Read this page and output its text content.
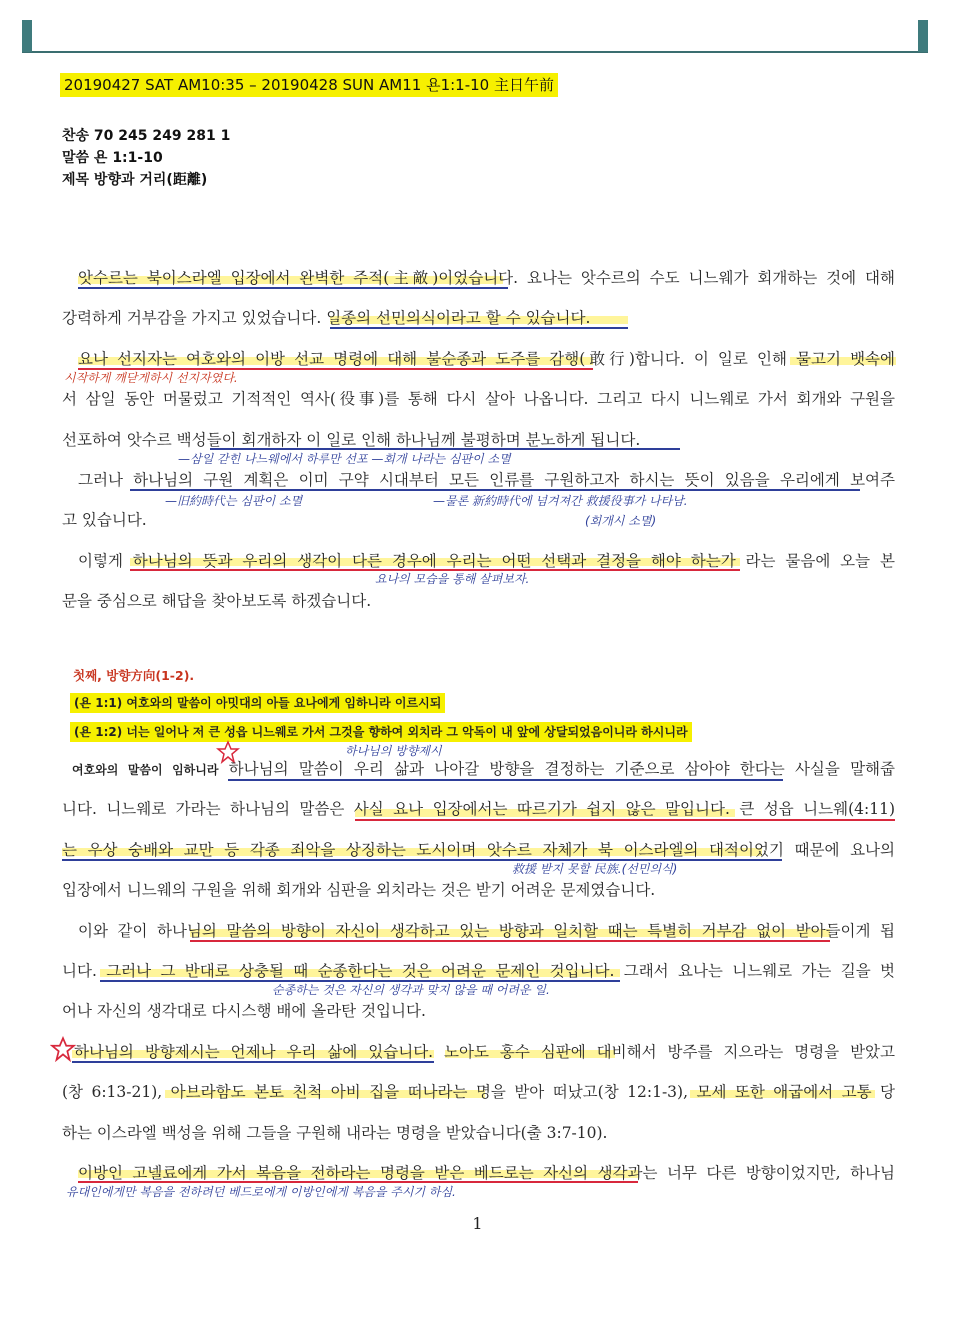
20190427 SAT AM10:35 – 20190428 SUN AM11 욘1:1-10 主日午前
찬송 70 245 249 281 1
말씀 욘 1:1-10
제목 방향과 거리(距離)
앗수르는 북이스라엘 입장에서 완벽한 주적(主敵)이었습니다. 요나는 앗수르의 수도 니느웨가 회개하는 것에 대해
강력하게 거부감을 가지고 있었습니다. 일종의 선민의식이라고 할 수 있습니다.
요나 선지자는 여호와의 이방 선교 명령에 대해 불순종과 도주를 감행(敢行)합니다. 이 일로 인해 물고기 뱃속에
시작하게 깨닫게하시 선지자였다.
서 삼일 동안 머물렀고 기적적인 역사(役事)를 통해 다시 살아 나옵니다. 그리고 다시 니느웨로 가서 회개와 구원을
선포하여 앗수르 백성들이 회개하자 이 일로 인해 하나님께 불평하며 분노하게 됩니다.
—삼일 갇힌 나느웨에서 하루만 선포 —회개 나라는 심판이 소멸
그러나 하나님의 구원 계획은 이미 구약 시대부터 모든 인류를 구원하고자 하시는 뜻이 있음을 우리에게 보여주
—旧約時代는 심판이 소멸	—물론 新約時代에 넘겨져간 救援役事가 나타남.
고 있습니다.	(회개시 소멸)
이렇게 하나님의 뜻과 우리의 생각이 다른 경우에 우리는 어떤 선택과 결정을 해야 하는가 라는 물음에 오늘 본
요나의 모습을 통해 살펴보자.
문을 중심으로 해답을 찾아보도록 하겠습니다.
첫째, 방향方向(1-2).
(욘 1:1) 여호와의 말씀이 아밋대의 아들 요나에게 임하니라 이르시되
(욘 1:2) 너는 일어나 저 큰 성읍 니느웨로 가서 그것을 향하여 외치라 그 악독이 내 앞에 상달되었음이니라 하시니라
하나님의 방향제시
여호와의 말씀이 임하니라 하나님의 말씀이 우리 삶과 나아갈 방향을 결정하는 기준으로 삼아야 한다는 사실을 말해줍
니다. 니느웨로 가라는 하나님의 말씀은 사실 요나 입장에서는 따르기가 쉽지 않은 말입니다. 큰 성읍 니느웨(4:11)
는 우상 숭배와 교만 등 각종 죄악을 상징하는 도시이며 앗수르 자체가 북 이스라엘의 대적이었기 때문에 요나의
救援 받지 못할 民族.(선민의식)
입장에서 니느웨의 구원을 위해 회개와 심판을 외치라는 것은 받기 어려운 문제였습니다.
이와 같이 하나님의 말씀의 방향이 자신이 생각하고 있는 방향과 일치할 때는 특별히 거부감 없이 받아들이게 됩
니다. 그러나 그 반대로 상충될 때 순종한다는 것은 어려운 문제인 것입니다. 그래서 요나는 니느웨로 가는 길을 벗
순종하는 것은 자신의 생각과 맞지 않을 때 어려운 일.
어나 자신의 생각대로 다시스행 배에 올라탄 것입니다.
하나님의 방향제시는 언제나 우리 삶에 있습니다. 노아도 홍수 심판에 대비해서 방주를 지으라는 명령을 받았고
(창 6:13-21), 아브라함도 본토 친척 아비 집을 떠나라는 명을 받아 떠났고(창 12:1-3), 모세 또한 애굽에서 고통 당
하는 이스라엘 백성을 위해 그들을 구원해 내라는 명령을 받았습니다(출 3:7-10).
이방인 고넬료에게 가서 복음을 전하라는 명령을 받은 베드로는 자신의 생각과는 너무 다른 방향이었지만, 하나님
유대인에게만 복음을 전하려던 베드로에게 이방인에게 복음을 주시기 하심.
1
